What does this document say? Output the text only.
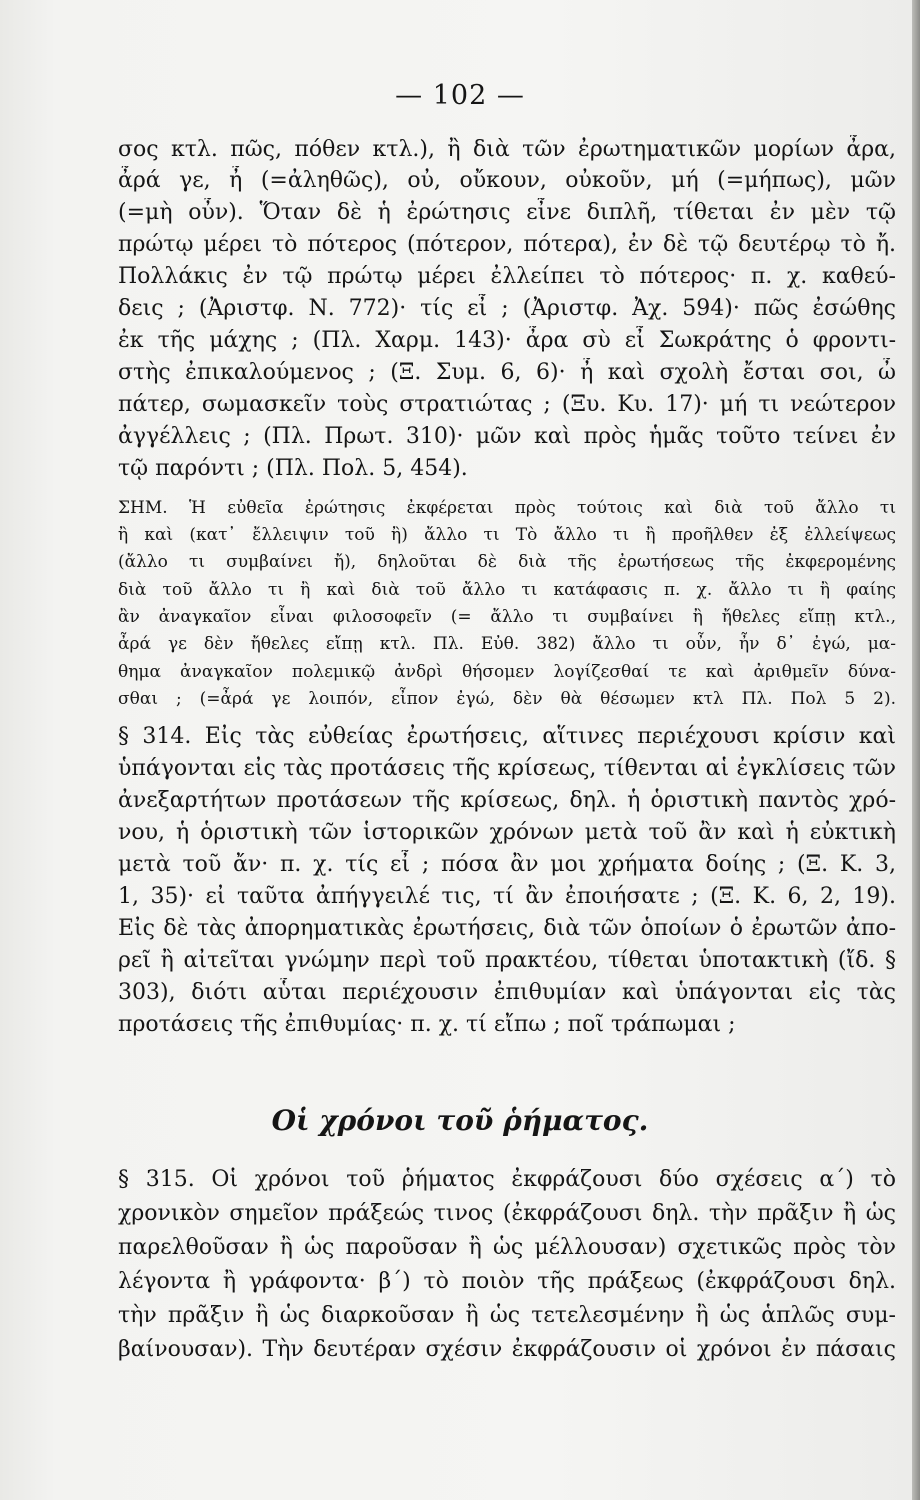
— 102 —
σος κτλ. πῶς, πόθεν κτλ.), ἢ διὰ τῶν ἐρωτηματικῶν μορίων ἆρα,
ἆρά γε, ἦ (=ἀληθῶς), οὐ, οὔκουν, οὐκοῦν, μή (=μήπως), μῶν
(=μὴ οὖν). Ὅταν δὲ ἡ ἐρώτησις εἶνε διπλῆ, τίθεται ἐν μὲν τῷ
πρώτῳ μέρει τὸ πότερος (πότερον, πότερα), ἐν δὲ τῷ δευτέρῳ τὸ ἤ.
Πολλάκις ἐν τῷ πρώτῳ μέρει ἐλλείπει τὸ πότερος· π. χ. καθεύ-
δεις ; (Ἀριστφ. Ν. 772)· τίς εἶ ; (Ἀριστφ. Ἀχ. 594)· πῶς ἐσώθης
ἐκ τῆς μάχης ; (Πλ. Χαρμ. 143)· ἆρα σὺ εἶ Σωκράτης ὁ φροντι-
στὴς ἐπικαλούμενος ; (Ξ. Συμ. 6, 6)· ἦ καὶ σχολὴ ἔσται σοι, ὦ
πάτερ, σωμασκεῖν τοὺς στρατιώτας ; (Ξυ. Κυ. 17)· μή τι νεώτερον
ἀγγέλλεις ; (Πλ. Πρωτ. 310)· μῶν καὶ πρὸς ἡμᾶς τοῦτο τείνει ἐν
τῷ παρόντι ; (Πλ. Πολ. 5, 454).
ΣΗΜ. Ἡ εὐθεῖα ἐρώτησις ἐκφέρεται πρὸς τούτοις καὶ διὰ τοῦ ἄλλο τι
ἢ καὶ (κατ᾿ ἔλλειψιν τοῦ ἢ) ἄλλο τι Τὸ ἄλλο τι ἢ προῆλθεν ἐξ ἐλλείψεως
(ἄλλο τι συμβαίνει ἤ), δηλοῦται δὲ διὰ τῆς ἐρωτήσεως τῆς ἐκφερομένης
διὰ τοῦ ἄλλο τι ἢ καὶ διὰ τοῦ ἄλλο τι κατάφασις π. χ. ἄλλο τι ἢ φαίης
ἂν ἀναγκαῖον εἶναι φιλοσοφεῖν (= ἄλλο τι συμβαίνει ἢ ἤθελες εἴπῃ κτλ.,
ἆρά γε δὲν ἤθελες εἴπῃ κτλ. Πλ. Εὐθ. 382) ἄλλο τι οὖν, ἦν δ᾿ ἐγώ, μα-
θημα ἀναγκαῖον πολεμικῷ ἀνδρὶ θήσομεν λογίζεσθαί τε καὶ ἀριθμεῖν δύνα-
σθαι ; (=ἆρά γε λοιπόν, εἶπον ἐγώ, δὲν θὰ θέσωμεν κτλ Πλ. Πολ 5 2).
§ 314. Εἰς τὰς εὐθείας ἐρωτήσεις, αἵτινες περιέχουσι κρίσιν καὶ
ὑπάγονται εἰς τὰς προτάσεις τῆς κρίσεως, τίθενται αἱ ἐγκλίσεις τῶν
ἀνεξαρτήτων προτάσεων τῆς κρίσεως, δηλ. ἡ ὁριστικὴ παντὸς χρό-
νου, ἡ ὁριστικὴ τῶν ἱστορικῶν χρόνων μετὰ τοῦ ἂν καὶ ἡ εὐκτικὴ
μετὰ τοῦ ἄν· π. χ. τίς εἶ ; πόσα ἂν μοι χρήματα δοίης ; (Ξ. Κ. 3,
1, 35)· εἰ ταῦτα ἀπήγγειλέ τις, τί ἂν ἐποιήσατε ; (Ξ. Κ. 6, 2, 19).
Εἰς δὲ τὰς ἀπορηματικὰς ἐρωτήσεις, διὰ τῶν ὁποίων ὁ ἐρωτῶν ἀπο-
ρεῖ ἢ αἰτεῖται γνώμην περὶ τοῦ πρακτέου, τίθεται ὑποτακτικὴ (ἴδ. §
303), διότι αὗται περιέχουσιν ἐπιθυμίαν καὶ ὑπάγονται εἰς τὰς
προτάσεις τῆς ἐπιθυμίας· π. χ. τί εἴπω ; ποῖ τράπωμαι ;
Οἱ χρόνοι τοῦ ῥήματος.
§ 315. Οἱ χρόνοι τοῦ ῥήματος ἐκφράζουσι δύο σχέσεις α΄) τὸ
χρονικὸν σημεῖον πράξεώς τινος (ἐκφράζουσι δηλ. τὴν πρᾶξιν ἢ ὡς
παρελθοῦσαν ἢ ὡς παροῦσαν ἢ ὡς μέλλουσαν) σχετικῶς πρὸς τὸν
λέγοντα ἢ γράφοντα· β΄) τὸ ποιὸν τῆς πράξεως (ἐκφράζουσι δηλ.
τὴν πρᾶξιν ἢ ὡς διαρκοῦσαν ἢ ὡς τετελεσμένην ἢ ὡς ἁπλῶς συμ-
βαίνουσαν). Τὴν δευτέραν σχέσιν ἐκφράζουσιν οἱ χρόνοι ἐν πάσαις
